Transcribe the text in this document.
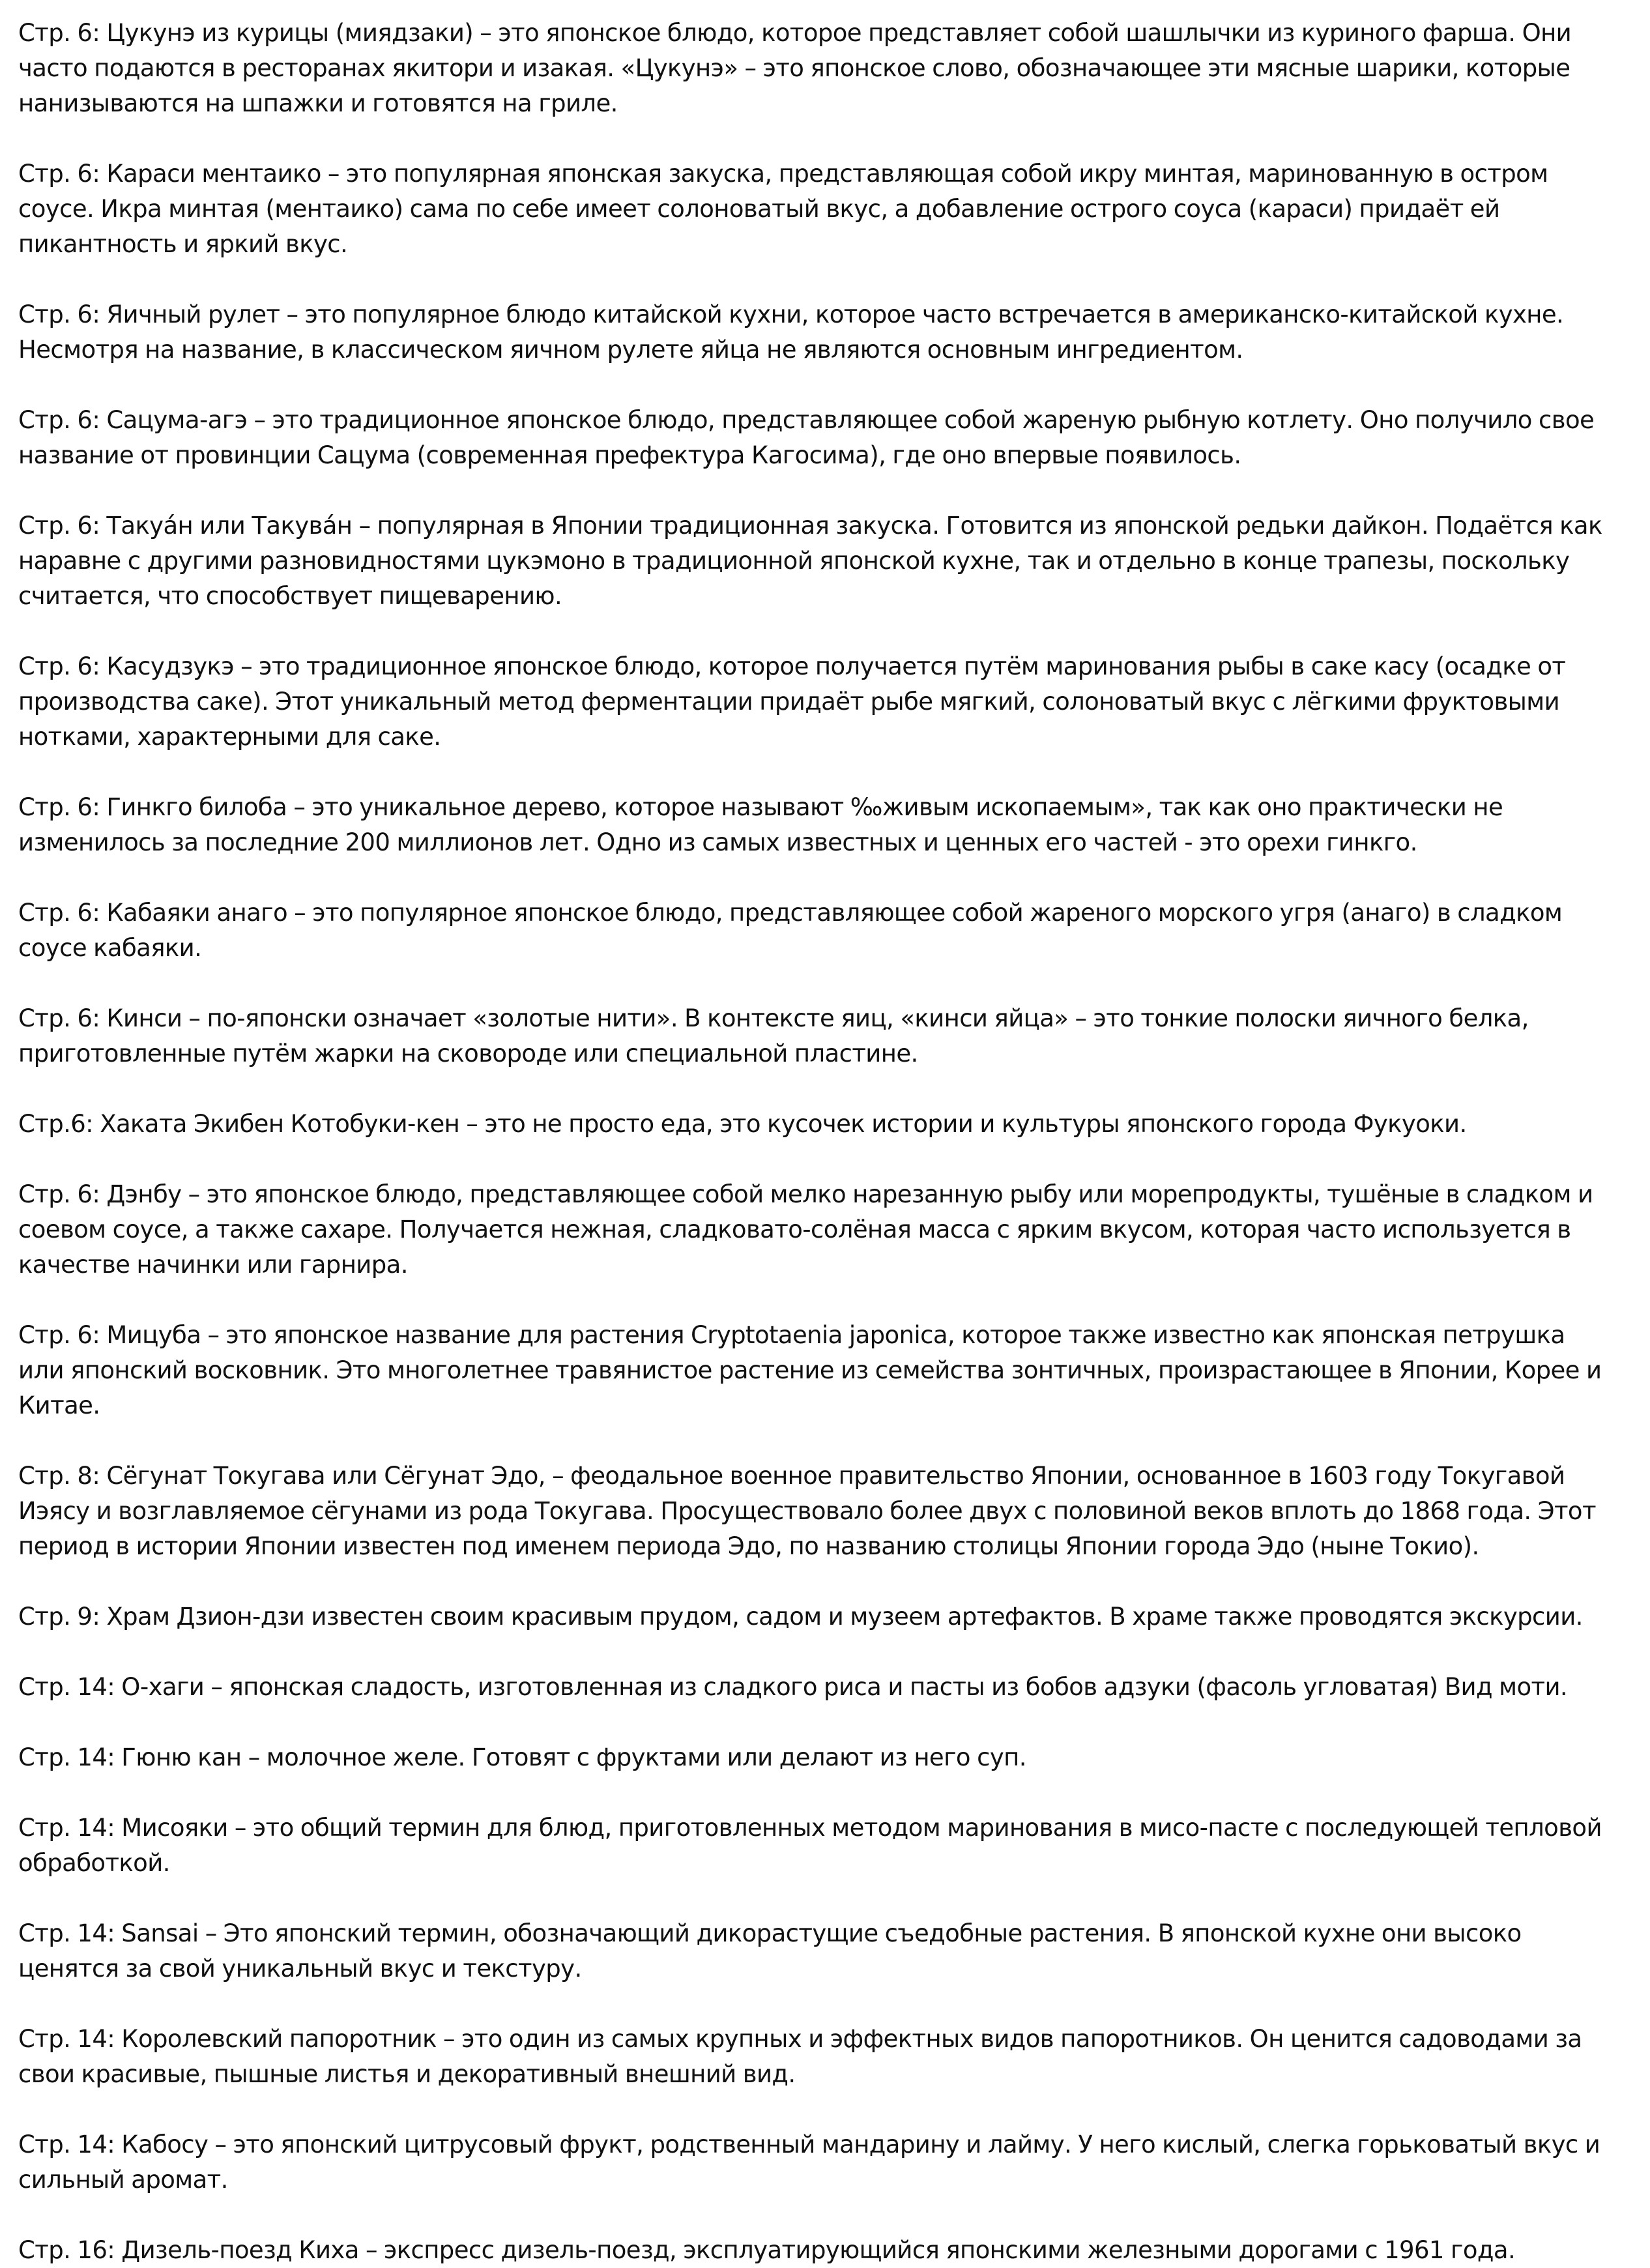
Стр. 6: Цукунэ из курицы (миядзаки) – это японское блюдо, которое представляет собой шашлычки из куриного фарша. Они часто подаются в ресторанах якитори и изакая. «Цукунэ» – это японское слово, обозначающее эти мясные шарики, которые нанизываются на шпажки и готовятся на гриле.

Стр. 6: Караси ментаико – это популярная японская закуска, представляющая собой икру минтая, маринованную в остром соусе. Икра минтая (ментаико) сама по себе имеет солоноватый вкус, а добавление острого соуса (караси) придаёт ей пикантность и яркий вкус.

Стр. 6: Яичный рулет – это популярное блюдо китайской кухни, которое часто встречается в американско-китайской кухне. Несмотря на название, в классическом яичном рулете яйца не являются основным ингредиентом.

Стр. 6: Сацума-агэ – это традиционное японское блюдо, представляющее собой жареную рыбную котлету. Оно получило свое название от провинции Сацума (современная префектура Кагосима), где оно впервые появилось.

Стр. 6: Такуа́н или Такува́н – популярная в Японии традиционная закуска. Готовится из японской редьки дайкон. Подаётся как наравне с другими разновидностями цукэмоно в традиционной японской кухне, так и отдельно в конце трапезы, поскольку считается, что способствует пищеварению.

Стр. 6: Касудзукэ – это традиционное японское блюдо, которое получается путём маринования рыбы в саке касу (осадке от производства саке). Этот уникальный метод ферментации придаёт рыбе мягкий, солоноватый вкус с лёгкими фруктовыми нотками, характерными для саке.

Стр. 6: Гинкго билоба – это уникальное дерево, которое называют ‰живым ископаемым», так как оно практически не изменилось за последние 200 миллионов лет. Одно из самых известных и ценных его частей - это орехи гинкго.

Стр. 6: Кабаяки анаго – это популярное японское блюдо, представляющее собой жареного морского угря (анаго) в сладком соусе кабаяки.

Стр. 6: Кинси – по-японски означает «золотые нити». В контексте яиц, «кинси яйца» – это тонкие полоски яичного белка, приготовленные путём жарки на сковороде или специальной пластине.

Стр.6: Хаката Экибен Котобуки-кен – это не просто еда, это кусочек истории и культуры японского города Фукуоки.

Стр. 6: Дэнбу – это японское блюдо, представляющее собой мелко нарезанную рыбу или морепродукты, тушёные в сладком и соевом соусе, а также сахаре. Получается нежная, сладковато-солёная масса с ярким вкусом, которая часто используется в качестве начинки или гарнира.

Стр. 6: Мицуба – это японское название для растения Cryptotaenia japonica, которое также известно как японская петрушка или японский восковник. Это многолетнее травянистое растение из семейства зонтичных, произрастающее в Японии, Корее и Китае.

Стр. 8: Сёгунат Токугава или Сёгунат Эдо, – феодальное военное правительство Японии, основанное в 1603 году Токугавой Иэясу и возглавляемое сёгунами из рода Токугава. Просуществовало более двух с половиной веков вплоть до 1868 года. Этот период в истории Японии известен под именем периода Эдо, по названию столицы Японии города Эдо (ныне Токио).

Стр. 9: Храм Дзион-дзи известен своим красивым прудом, садом и музеем артефактов. В храме также проводятся экскурсии.

Стр. 14: О-хаги – японская сладость, изготовленная из сладкого риса и пасты из бобов адзуки (фасоль угловатая) Вид моти.

Стр. 14: Гюню кан – молочное желе. Готовят с фруктами или делают из него суп.

Стр. 14: Мисояки – это общий термин для блюд, приготовленных методом маринования в мисо-пасте с последующей тепловой обработкой.

Стр. 14: Sansai – Это японский термин, обозначающий дикорастущие съедобные растения. В японской кухне они высоко ценятся за свой уникальный вкус и текстуру.

Стр. 14: Королевский папоротник – это один из самых крупных и эффектных видов папоротников. Он ценится садоводами за свои красивые, пышные листья и декоративный внешний вид.

Стр. 14: Кабосу – это японский цитрусовый фрукт, родственный мандарину и лайму. У него кислый, слегка горьковатый вкус и сильный аромат.

Стр. 16: Дизель-поезд Киха – экспресс дизель-поезд, эксплуатирующийся японскими железными дорогами с 1961 года.
